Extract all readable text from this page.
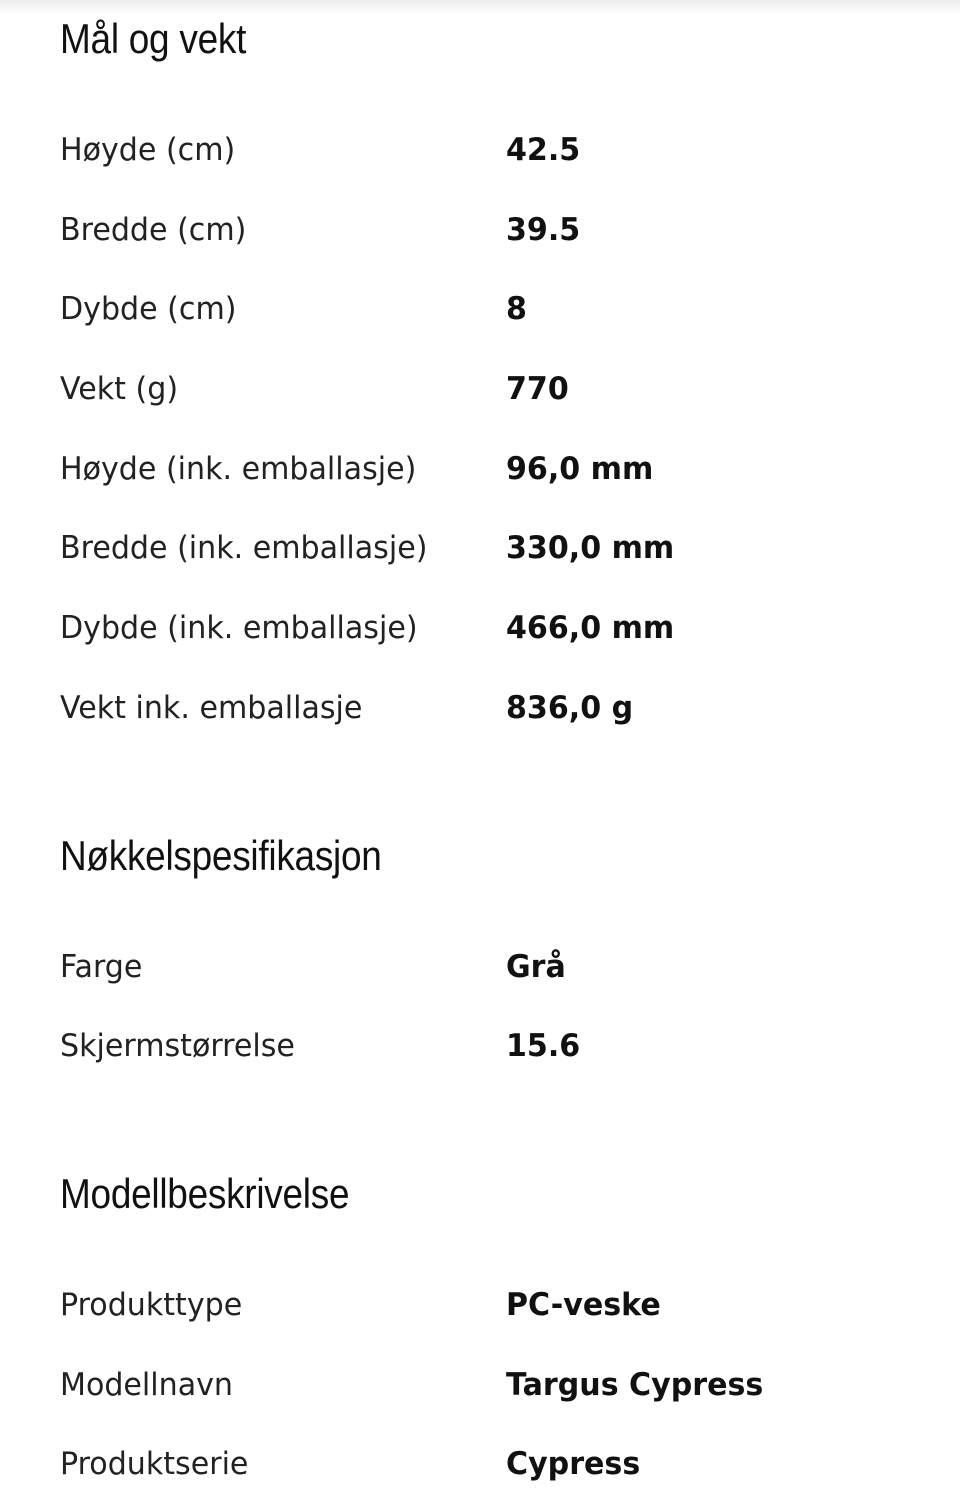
Mål og vekt
Høyde (cm)	42.5
Bredde (cm)	39.5
Dybde (cm)	8
Vekt (g)	770
Høyde (ink. emballasje)	96,0 mm
Bredde (ink. emballasje)	330,0 mm
Dybde (ink. emballasje)	466,0 mm
Vekt ink. emballasje	836,0 g
Nøkkelspesifikasjon
Farge	Grå
Skjermstørrelse	15.6
Modellbeskrivelse
Produkttype	PC-veske
Modellnavn	Targus Cypress
Produktserie	Cypress
